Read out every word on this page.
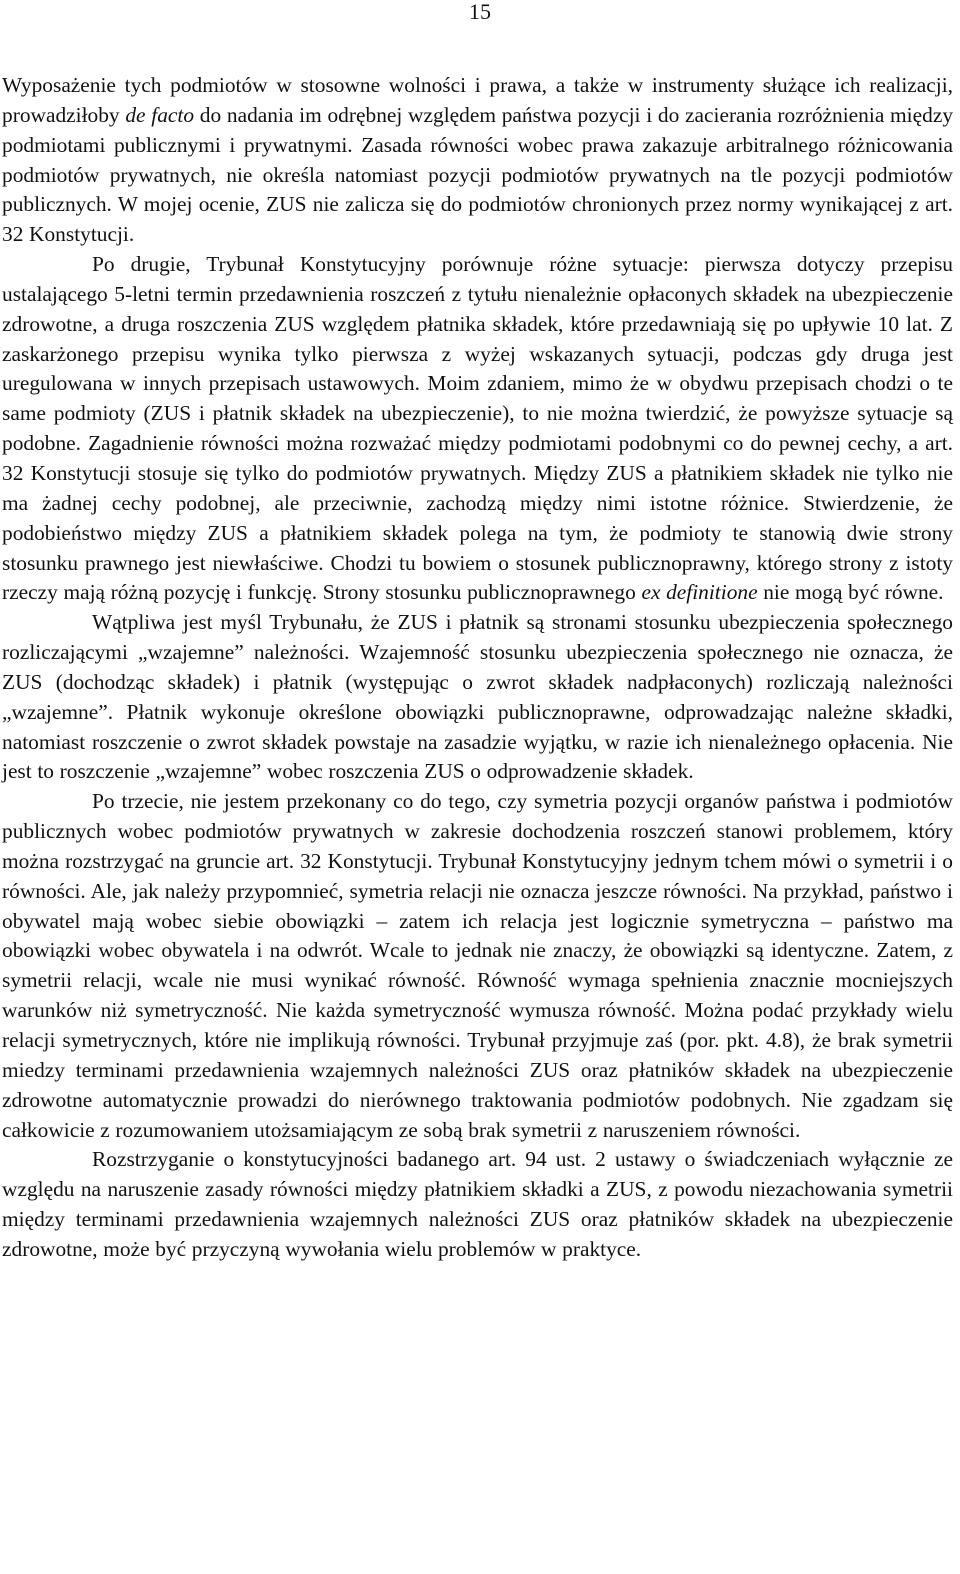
15

Wyposażenie tych podmiotów w stosowne wolności i prawa, a także w instrumenty służące ich realizacji, prowadziłoby de facto do nadania im odrębnej względem państwa pozycji i do zacierania rozróżnienia między podmiotami publicznymi i prywatnymi. Zasada równości wobec prawa zakazuje arbitralnego różnicowania podmiotów prywatnych, nie określa natomiast pozycji podmiotów prywatnych na tle pozycji podmiotów publicznych. W mojej ocenie, ZUS nie zalicza się do podmiotów chronionych przez normy wynikającej z art. 32 Konstytucji.

Po drugie, Trybunał Konstytucyjny porównuje różne sytuacje: pierwsza dotyczy przepisu ustalającego 5-letni termin przedawnienia roszczeń z tytułu nienależnie opłaconych składek na ubezpieczenie zdrowotne, a druga roszczenia ZUS względem płatnika składek, które przedawniają się po upływie 10 lat. Z zaskarżonego przepisu wynika tylko pierwsza z wyżej wskazanych sytuacji, podczas gdy druga jest uregulowana w innych przepisach ustawowych. Moim zdaniem, mimo że w obydwu przepisach chodzi o te same podmioty (ZUS i płatnik składek na ubezpieczenie), to nie można twierdzić, że powyższe sytuacje są podobne. Zagadnienie równości można rozważać między podmiotami podobnymi co do pewnej cechy, a art. 32 Konstytucji stosuje się tylko do podmiotów prywatnych. Między ZUS a płatnikiem składek nie tylko nie ma żadnej cechy podobnej, ale przeciwnie, zachodzą między nimi istotne różnice. Stwierdzenie, że podobieństwo między ZUS a płatnikiem składek polega na tym, że podmioty te stanowią dwie strony stosunku prawnego jest niewłaściwe. Chodzi tu bowiem o stosunek publicznoprawny, którego strony z istoty rzeczy mają różną pozycję i funkcję. Strony stosunku publicznoprawnego ex definitione nie mogą być równe.

Wątpliwa jest myśl Trybunału, że ZUS i płatnik są stronami stosunku ubezpieczenia społecznego rozliczającymi „wzajemne” należności. Wzajemność stosunku ubezpieczenia społecznego nie oznacza, że ZUS (dochodząc składek) i płatnik (występując o zwrot składek nadpłaconych) rozliczają należności „wzajemne”. Płatnik wykonuje określone obowiązki publicznoprawne, odprowadzając należne składki, natomiast roszczenie o zwrot składek powstaje na zasadzie wyjątku, w razie ich nienależnego opłacenia. Nie jest to roszczenie „wzajemne” wobec roszczenia ZUS o odprowadzenie składek.

Po trzecie, nie jestem przekonany co do tego, czy symetria pozycji organów państwa i podmiotów publicznych wobec podmiotów prywatnych w zakresie dochodzenia roszczeń stanowi problemem, który można rozstrzygać na gruncie art. 32 Konstytucji. Trybunał Konstytucyjny jednym tchem mówi o symetrii i o równości. Ale, jak należy przypomnieć, symetria relacji nie oznacza jeszcze równości. Na przykład, państwo i obywatel mają wobec siebie obowiązki – zatem ich relacja jest logicznie symetryczna – państwo ma obowiązki wobec obywatela i na odwrót. Wcale to jednak nie znaczy, że obowiązki są identyczne. Zatem, z symetrii relacji, wcale nie musi wynikać równość. Równość wymaga spełnienia znacznie mocniejszych warunków niż symetryczność. Nie każda symetryczność wymusza równość. Można podać przykłady wielu relacji symetrycznych, które nie implikują równości. Trybunał przyjmuje zaś (por. pkt. 4.8), że brak symetrii miedzy terminami przedawnienia wzajemnych należności ZUS oraz płatników składek na ubezpieczenie zdrowotne automatycznie prowadzi do nierównego traktowania podmiotów podobnych. Nie zgadzam się całkowicie z rozumowaniem utożsamiającym ze sobą brak symetrii z naruszeniem równości.

Rozstrzyganie o konstytucyjności badanego art. 94 ust. 2 ustawy o świadczeniach wyłącznie ze względu na naruszenie zasady równości między płatnikiem składki a ZUS, z powodu niezachowania symetrii między terminami przedawnienia wzajemnych należności ZUS oraz płatników składek na ubezpieczenie zdrowotne, może być przyczyną wywołania wielu problemów w praktyce.
